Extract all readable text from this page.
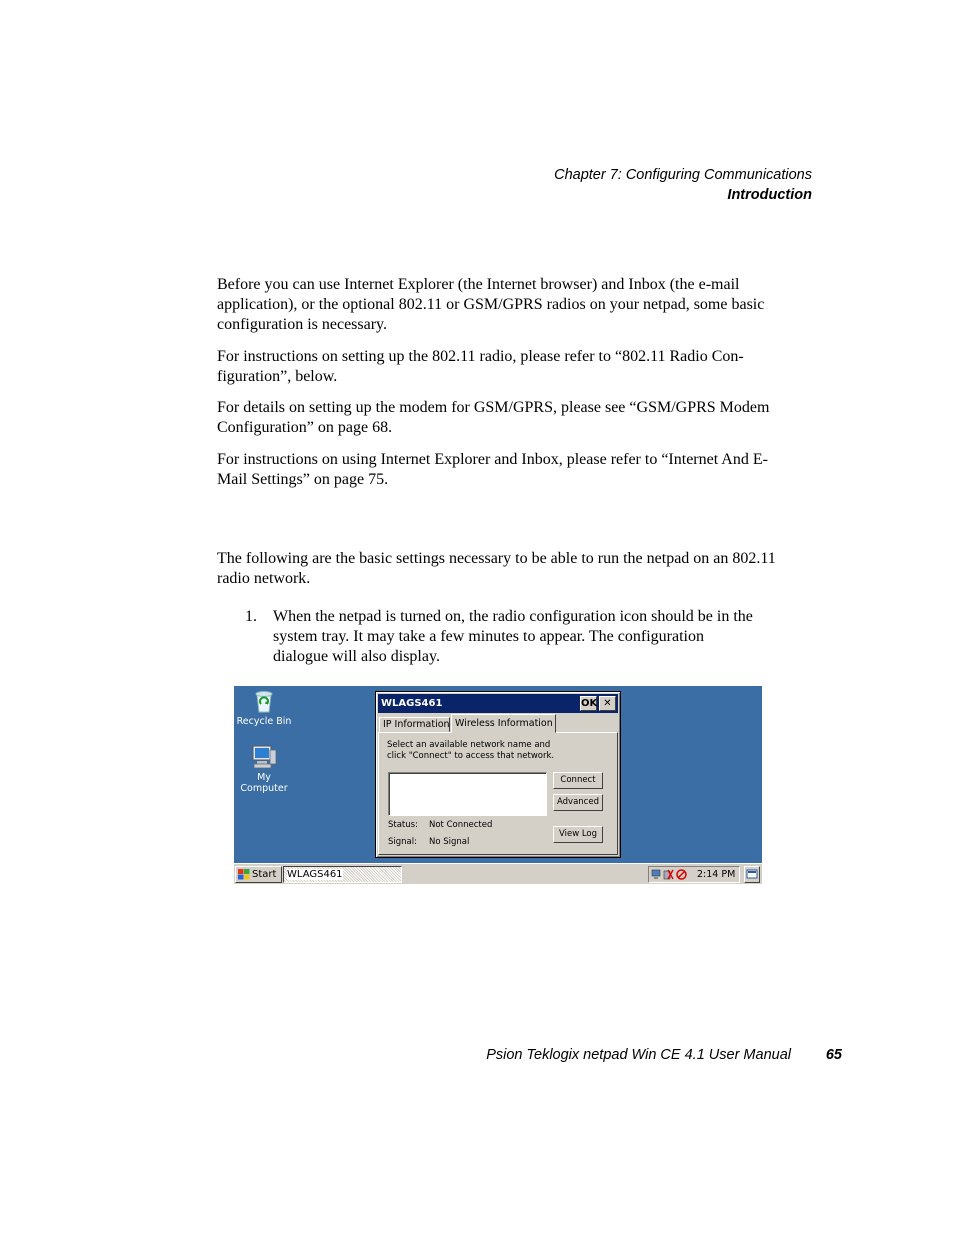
Chapter 7: Configuring Communications
Introduction

Before you can use Internet Explorer (the Internet browser) and Inbox (the e-mail application), or the optional 802.11 or GSM/GPRS radios on your netpad, some basic configuration is necessary.

For instructions on setting up the 802.11 radio, please refer to “802.11 Radio Con-figuration”, below.

For details on setting up the modem for GSM/GPRS, please see “GSM/GPRS Modem Configuration” on page 68.

For instructions on using Internet Explorer and Inbox, please refer to “Internet And E-Mail Settings” on page 75.

The following are the basic settings necessary to be able to run the netpad on an 802.11 radio network.

1. When the netpad is turned on, the radio configuration icon should be in the system tray. It may take a few minutes to appear. The configuration dialogue will also display.
Recycle Bin
My Computer
WLAGS461	OK ✕
IP Information Wireless Information
Select an available network name and click "Connect" to access that network.
Connect
Advanced
View Log
Status: Not Connected
Signal: No Signal
Start	WLAGS461	2:14 PM
Psion Teklogix netpad Win CE 4.1 User Manual 65
